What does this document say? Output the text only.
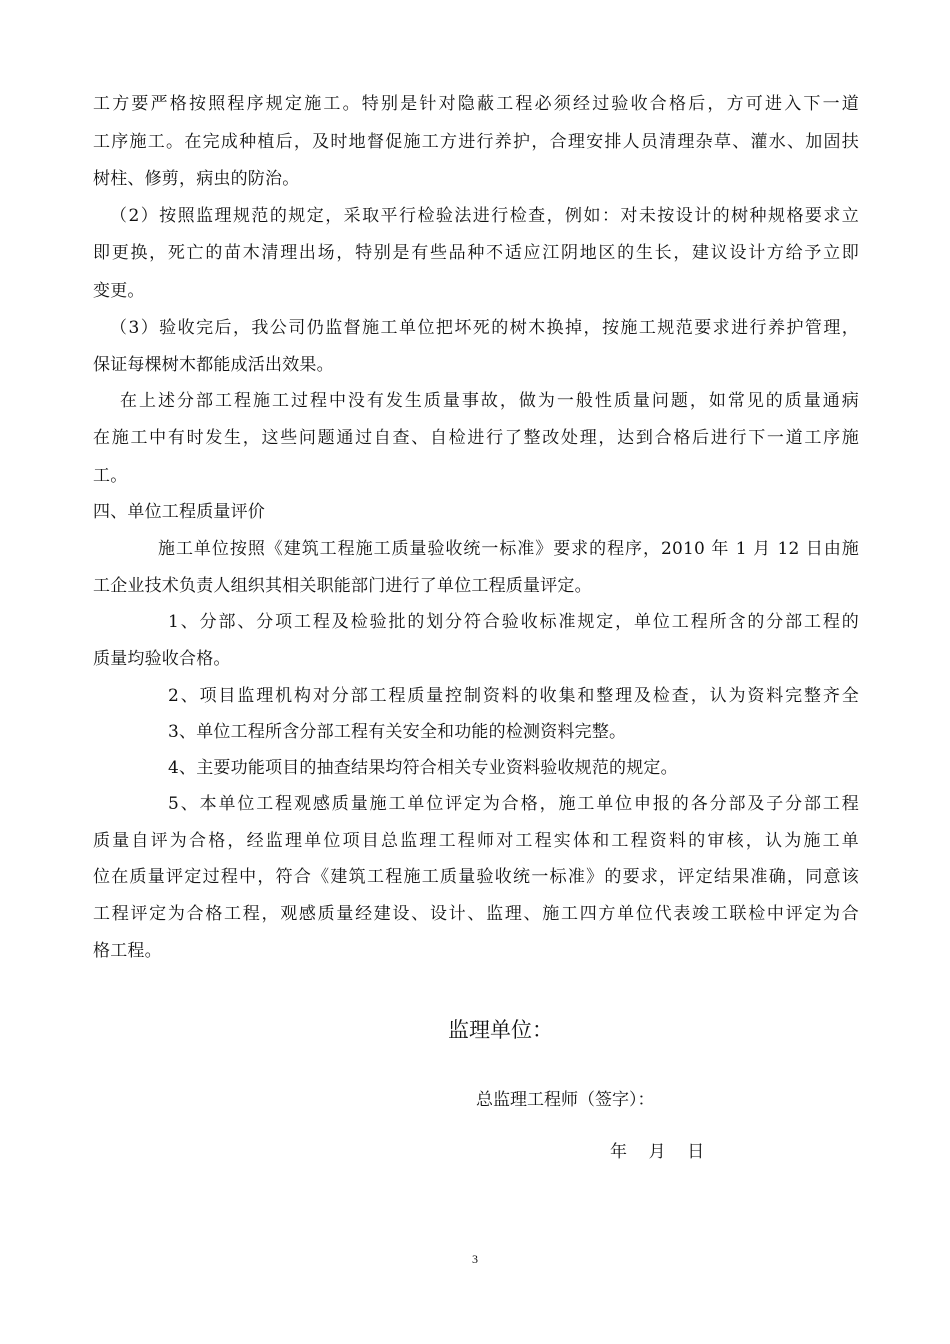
工方要严格按照程序规定施工。特别是针对隐蔽工程必须经过验收合格后，方可进入下一道
工序施工。在完成种植后，及时地督促施工方进行养护，合理安排人员清理杂草、灌水、加固扶
树柱、修剪，病虫的防治。
（2）按照监理规范的规定，采取平行检验法进行检查，例如：对未按设计的树种规格要求立
即更换，死亡的苗木清理出场，特别是有些品种不适应江阴地区的生长，建议设计方给予立即
变更。
（3）验收完后，我公司仍监督施工单位把坏死的树木换掉，按施工规范要求进行养护管理，
保证每棵树木都能成活出效果。
在上述分部工程施工过程中没有发生质量事故，做为一般性质量问题，如常见的质量通病
在施工中有时发生，这些问题通过自查、自检进行了整改处理，达到合格后进行下一道工序施
工。
四、单位工程质量评价
施工单位按照《建筑工程施工质量验收统一标准》要求的程序，2010 年 1 月 12 日由施
工企业技术负责人组织其相关职能部门进行了单位工程质量评定。
1、分部、分项工程及检验批的划分符合验收标准规定，单位工程所含的分部工程的
质量均验收合格。
2、项目监理机构对分部工程质量控制资料的收集和整理及检查，认为资料完整齐全
3、单位工程所含分部工程有关安全和功能的检测资料完整。
4、主要功能项目的抽查结果均符合相关专业资料验收规范的规定。
5、本单位工程观感质量施工单位评定为合格，施工单位申报的各分部及子分部工程
质量自评为合格，经监理单位项目总监理工程师对工程实体和工程资料的审核，认为施工单
位在质量评定过程中，符合《建筑工程施工质量验收统一标准》的要求，评定结果准确，同意该
工程评定为合格工程，观感质量经建设、设计、监理、施工四方单位代表竣工联检中评定为合
格工程。
监理单位：
总监理工程师（签字）：
年    月    日
3
